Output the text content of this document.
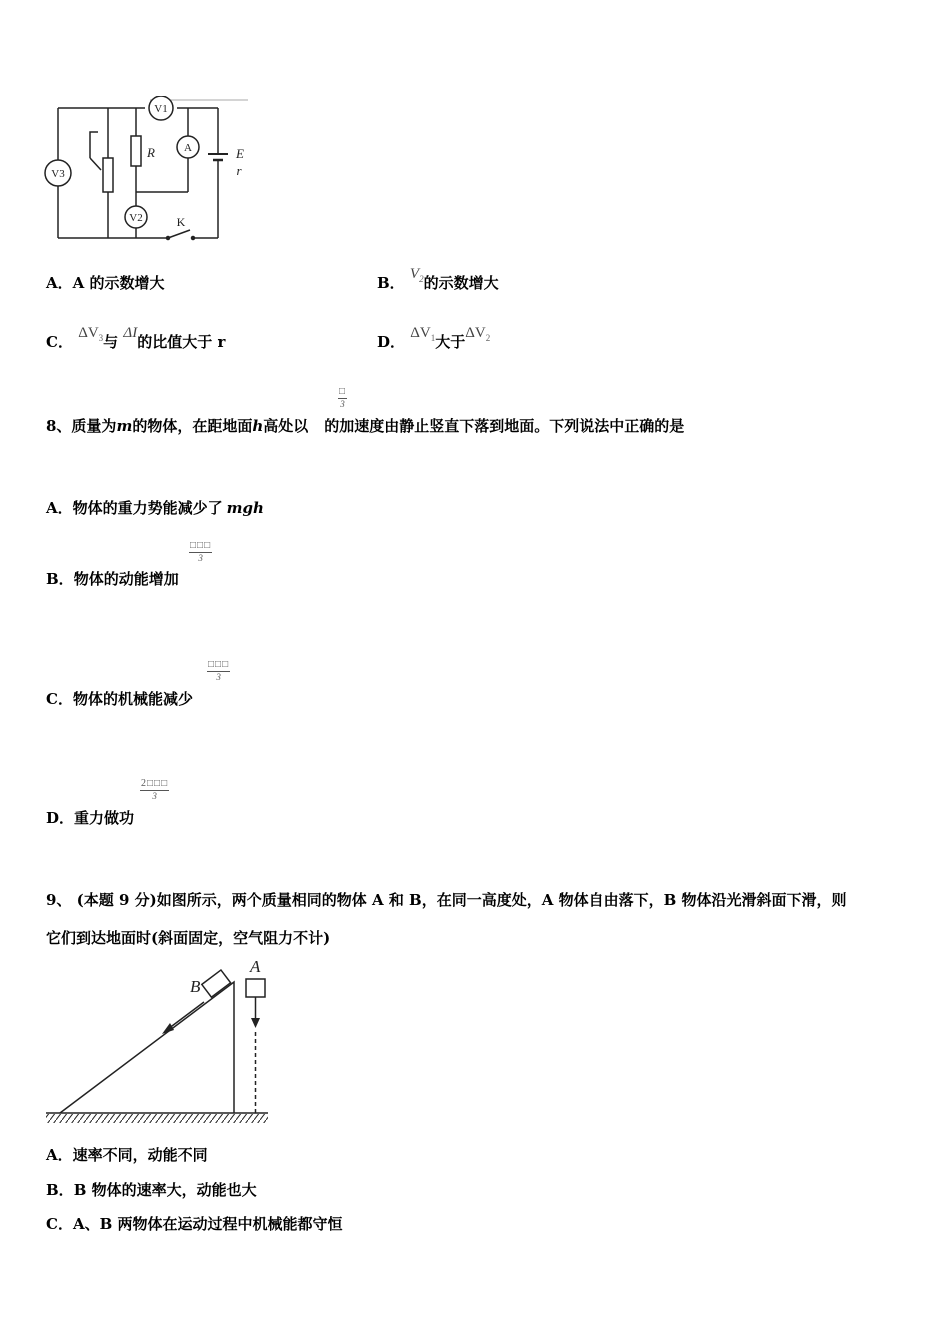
V1
V3
A
V2
R	E
r
K
A．A 的示数增大	B． $V_2$的示数增大
C． $\Delta V_3$与 ΔI的比值大于 r	D． $\Delta V_1$大于$\Delta V_2$
□
3
8、质量为m的物体，在距地面h高处以 的加速度由静止竖直下落到地面。下列说法中正确的是
A．物体的重力势能减少了 mgh
□□□
3
B．物体的动能增加
□□□
3
C．物体的机械能减少
$\frac{2□□□}{3}$
D．重力做功
9、 (本题 9 分)如图所示，两个质量相同的物体 A 和 B，在同一高度处，A 物体自由落下，B 物体沿光滑斜面下滑，则
它们到达地面时(斜面固定，空气阻力不计)
B
A
A．速率不同，动能不同
B．B 物体的速率大，动能也大
C．A、B 两物体在运动过程中机械能都守恒
